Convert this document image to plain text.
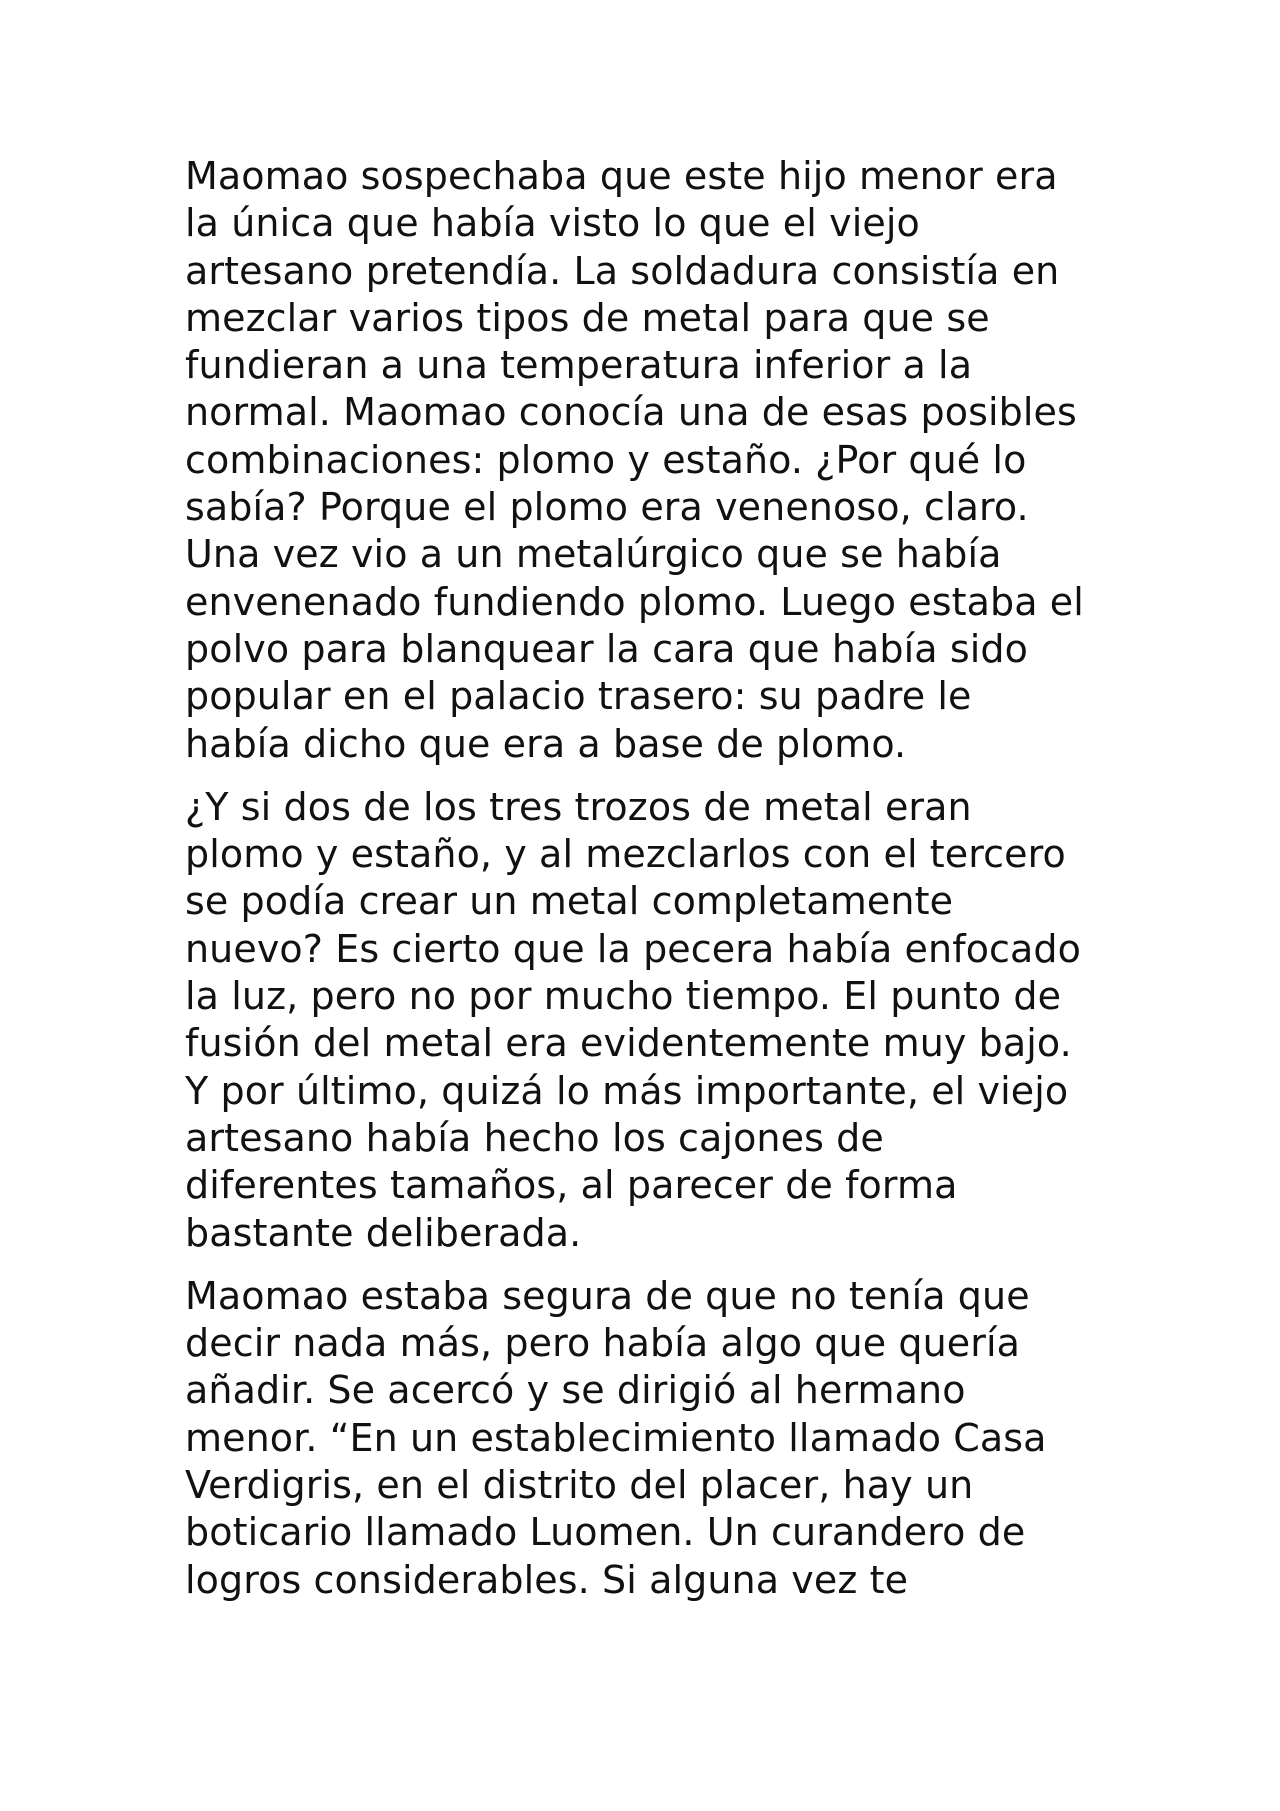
Maomao sospechaba que este hijo menor era
la única que había visto lo que el viejo
artesano pretendía. La soldadura consistía en
mezclar varios tipos de metal para que se
fundieran a una temperatura inferior a la
normal. Maomao conocía una de esas posibles
combinaciones: plomo y estaño. ¿Por qué lo
sabía? Porque el plomo era venenoso, claro.
Una vez vio a un metalúrgico que se había
envenenado fundiendo plomo. Luego estaba el
polvo para blanquear la cara que había sido
popular en el palacio trasero: su padre le
había dicho que era a base de plomo.
¿Y si dos de los tres trozos de metal eran
plomo y estaño, y al mezclarlos con el tercero
se podía crear un metal completamente
nuevo? Es cierto que la pecera había enfocado
la luz, pero no por mucho tiempo. El punto de
fusión del metal era evidentemente muy bajo.
Y por último, quizá lo más importante, el viejo
artesano había hecho los cajones de
diferentes tamaños, al parecer de forma
bastante deliberada.
Maomao estaba segura de que no tenía que
decir nada más, pero había algo que quería
añadir. Se acercó y se dirigió al hermano
menor. “En un establecimiento llamado Casa
Verdigris, en el distrito del placer, hay un
boticario llamado Luomen. Un curandero de
logros considerables. Si alguna vez te
